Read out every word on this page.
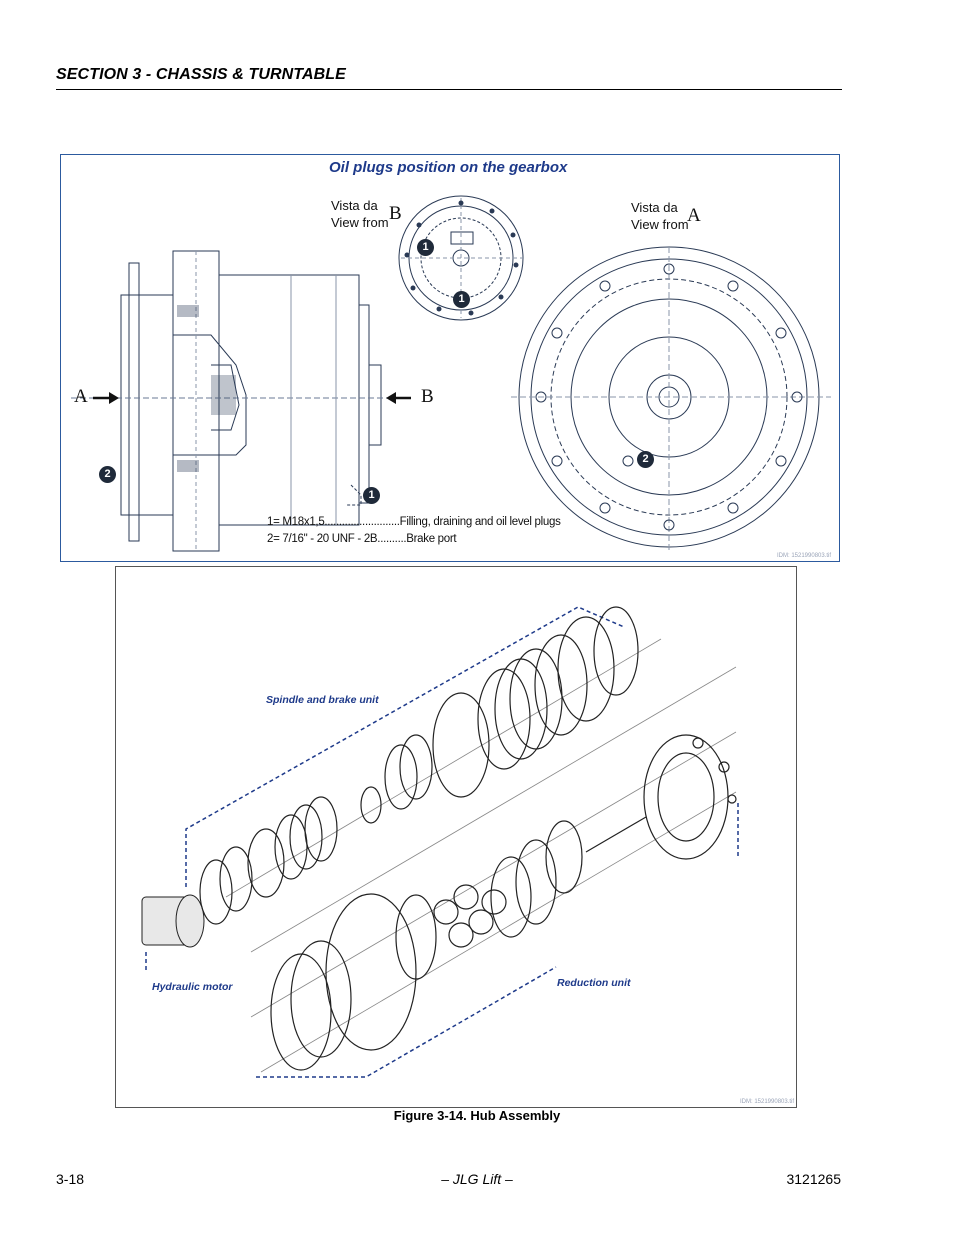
SECTION 3 - CHASSIS & TURNTABLE
Oil plugs position on the gearbox
Vista da
View from B	Vista da
View from
A
A	B
1
1
2
1
2
1= M18x1,5..........................Filling, draining and oil level plugs
2= 7/16" - 20 UNF - 2B..........Brake port
IDM: 1521990803.tif
Spindle and brake unit
Hydraulic motor	Reduction unit
IDM: 1521990803.tif
Figure 3-14. Hub Assembly
3-18	– JLG Lift –	3121265
